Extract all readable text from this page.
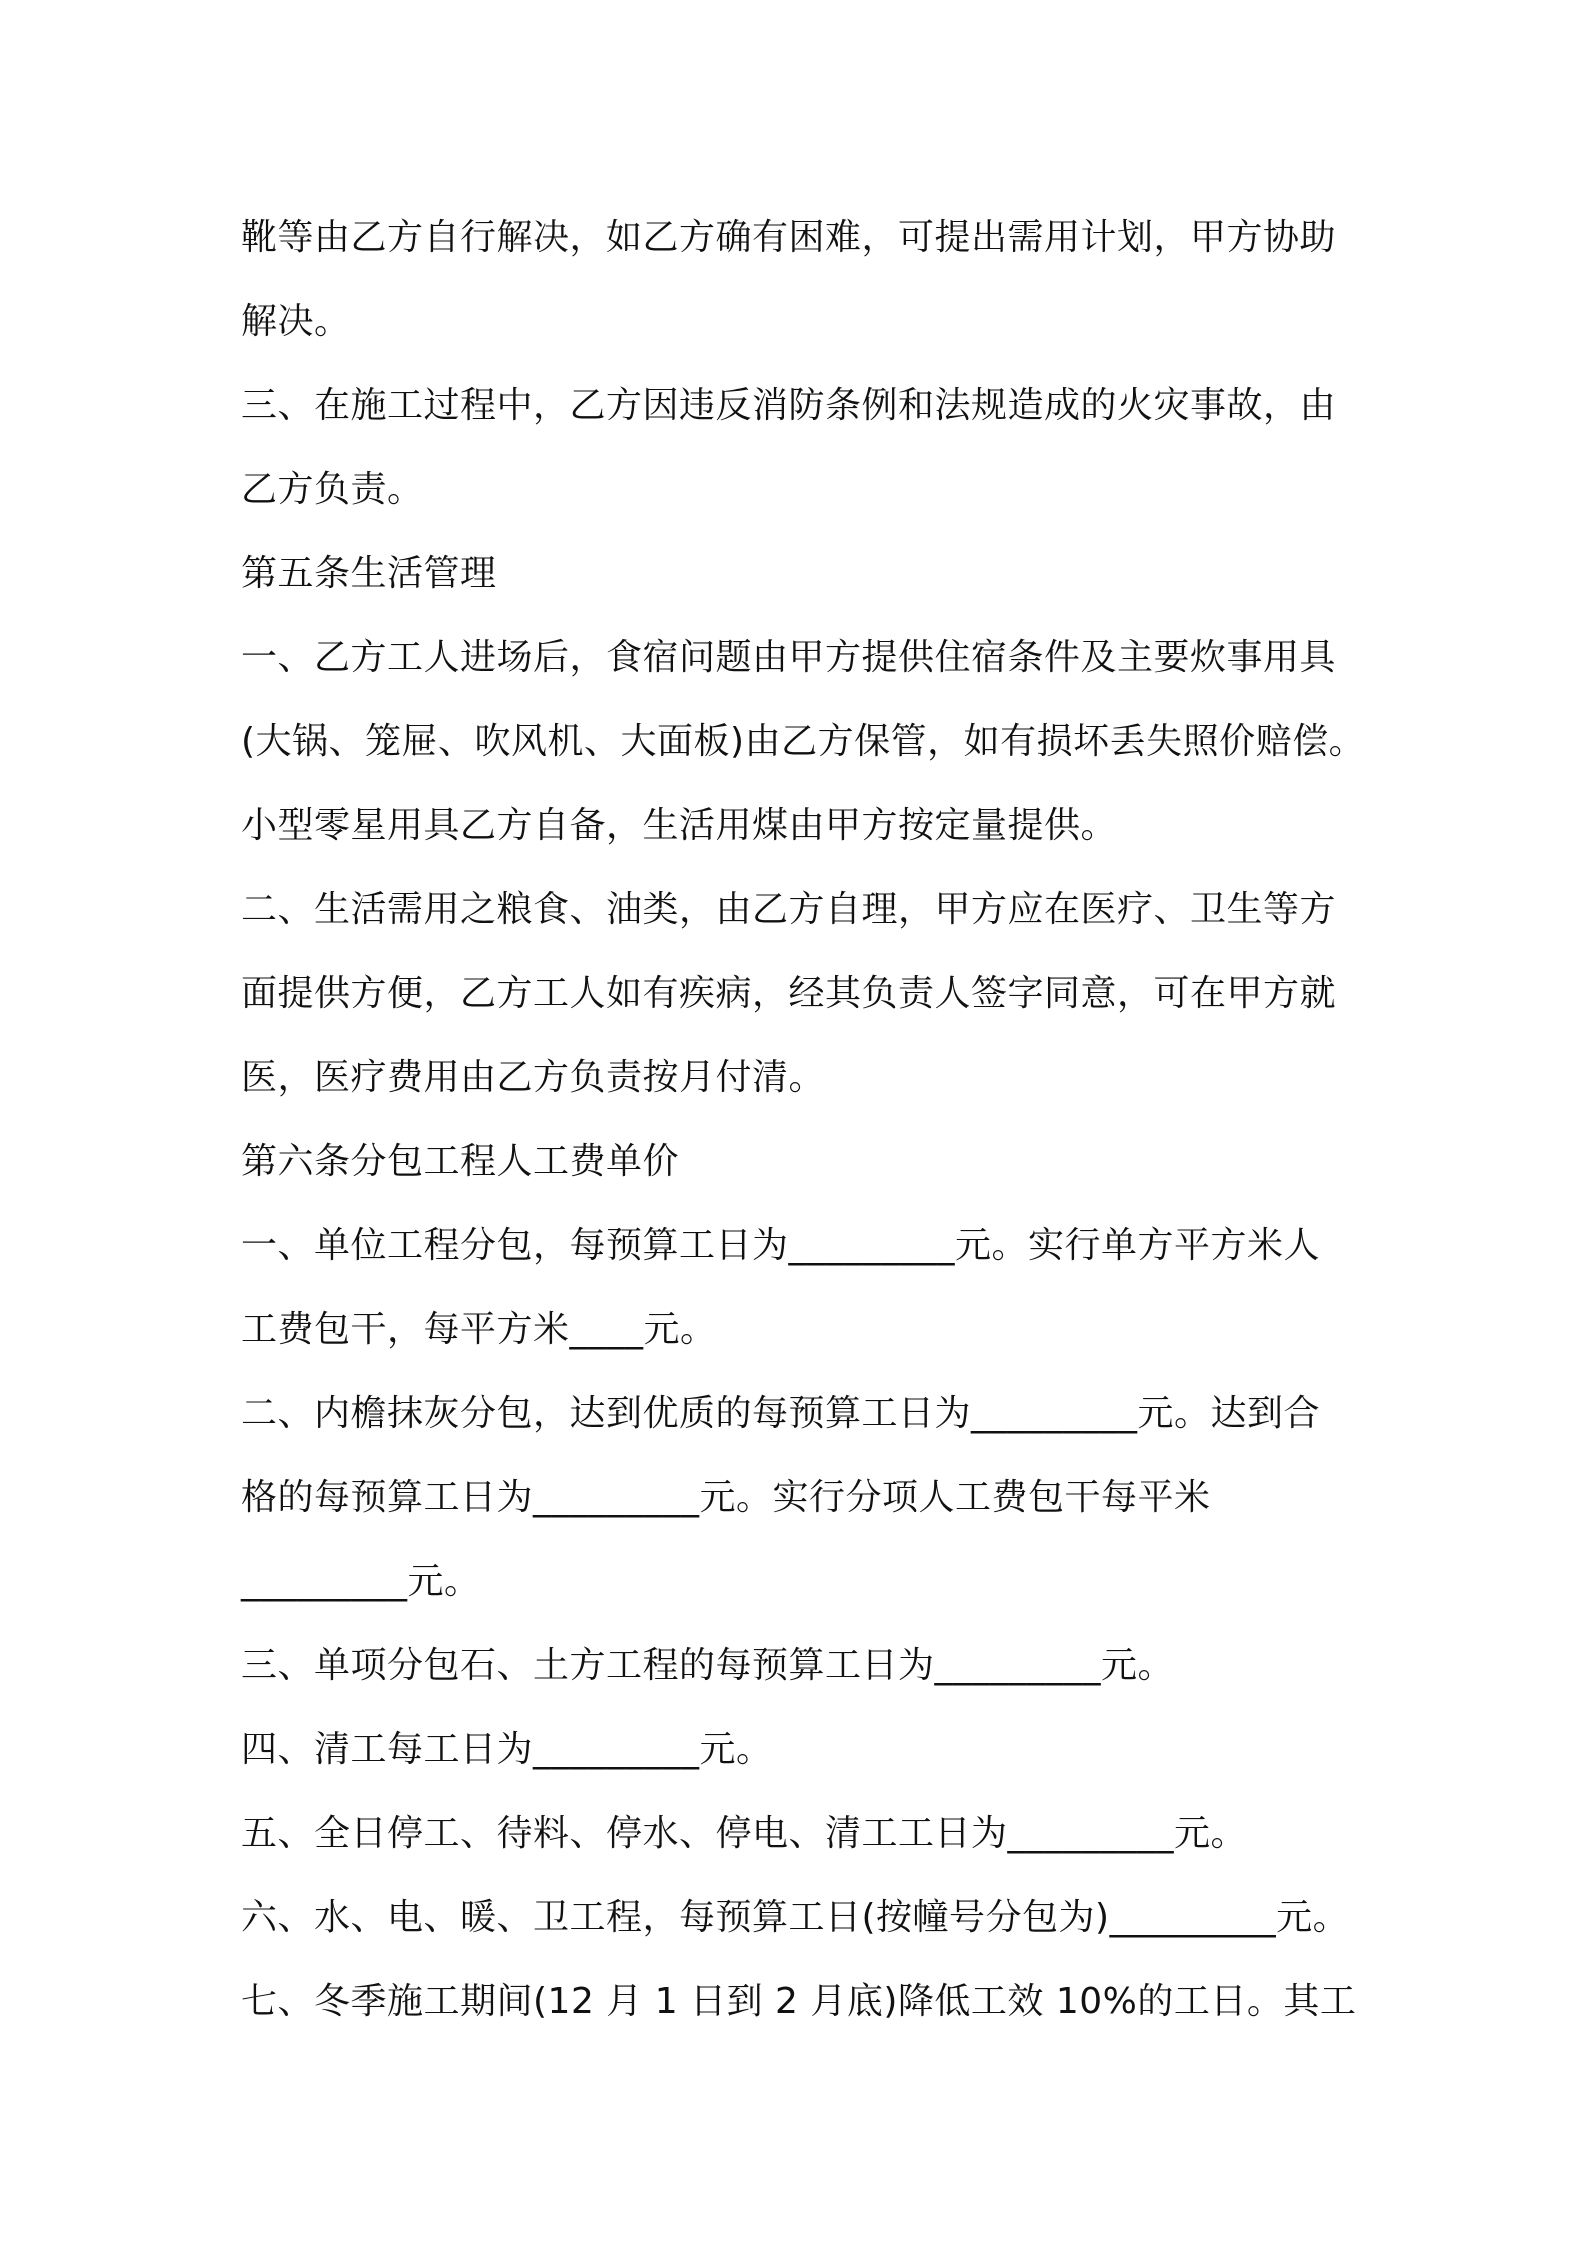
靴等由乙方自行解决，如乙方确有困难，可提出需用计划，甲方协助
解决。
三、在施工过程中，乙方因违反消防条例和法规造成的火灾事故，由
乙方负责。
第五条生活管理
一、乙方工人进场后，食宿问题由甲方提供住宿条件及主要炊事用具
(大锅、笼屉、吹风机、大面板)由乙方保管，如有损坏丢失照价赔偿。
小型零星用具乙方自备，生活用煤由甲方按定量提供。
二、生活需用之粮食、油类，由乙方自理，甲方应在医疗、卫生等方
面提供方便，乙方工人如有疾病，经其负责人签字同意，可在甲方就
医，医疗费用由乙方负责按月付清。
第六条分包工程人工费单价
一、单位工程分包，每预算工日为_________元。实行单方平方米人
工费包干，每平方米____元。
二、内檐抹灰分包，达到优质的每预算工日为_________元。达到合
格的每预算工日为_________元。实行分项人工费包干每平米
_________元。
三、单项分包石、土方工程的每预算工日为_________元。
四、清工每工日为_________元。
五、全日停工、待料、停水、停电、清工工日为_________元。
六、水、电、暖、卫工程，每预算工日(按幢号分包为)_________元。
七、冬季施工期间(12 月 1 日到 2 月底)降低工效 10%的工日。其工
